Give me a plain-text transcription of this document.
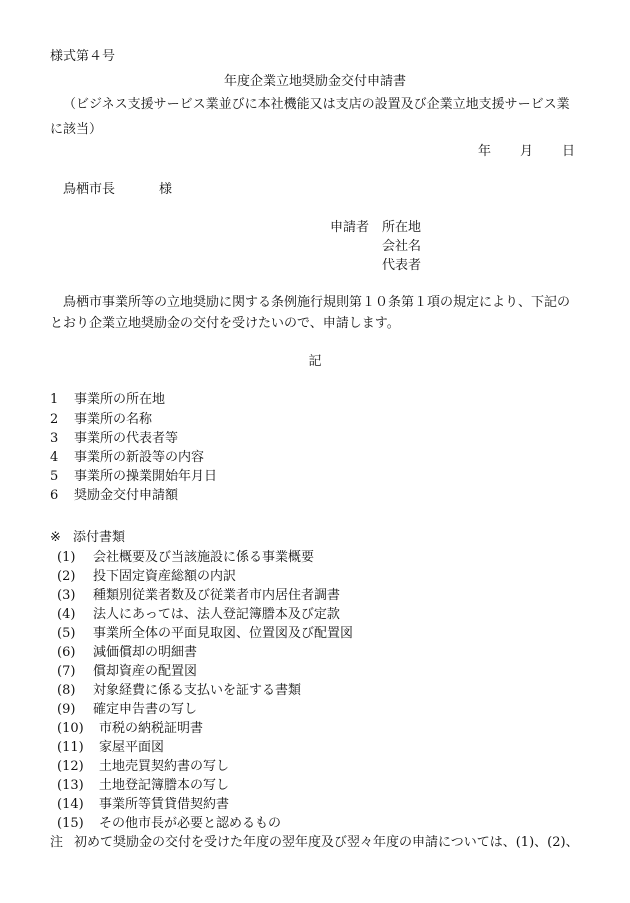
様式第４号
年度企業立地奨励金交付申請書
（ビジネス支援サービス業並びに本社機能又は支店の設置及び企業立地支援サービス業
に該当）
年 月 日
鳥栖市長	様
申請者 所在地
会社名
代表者
鳥栖市事業所等の立地奨励に関する条例施行規則第１０条第１項の規定により、下記の
とおり企業立地奨励金の交付を受けたいので、申請します。
記
1 事業所の所在地
2 事業所の名称
3 事業所の代表者等
4 事業所の新設等の内容
5 事業所の操業開始年月日
6 奨励金交付申請額
※ 添付書類
(1) 会社概要及び当該施設に係る事業概要
(2) 投下固定資産総額の内訳
(3) 種類別従業者数及び従業者市内居住者調書
(4) 法人にあっては、法人登記簿謄本及び定款
(5) 事業所全体の平面見取図、位置図及び配置図
(6) 減価償却の明細書
(7) 償却資産の配置図
(8) 対象経費に係る支払いを証する書類
(9) 確定申告書の写し
(10) 市税の納税証明書
(11) 家屋平面図
(12) 土地売買契約書の写し
(13) 土地登記簿謄本の写し
(14) 事業所等賃貸借契約書
(15) その他市長が必要と認めるもの
注 初めて奨励金の交付を受けた年度の翌年度及び翌々年度の申請については、(1)、(2)、
